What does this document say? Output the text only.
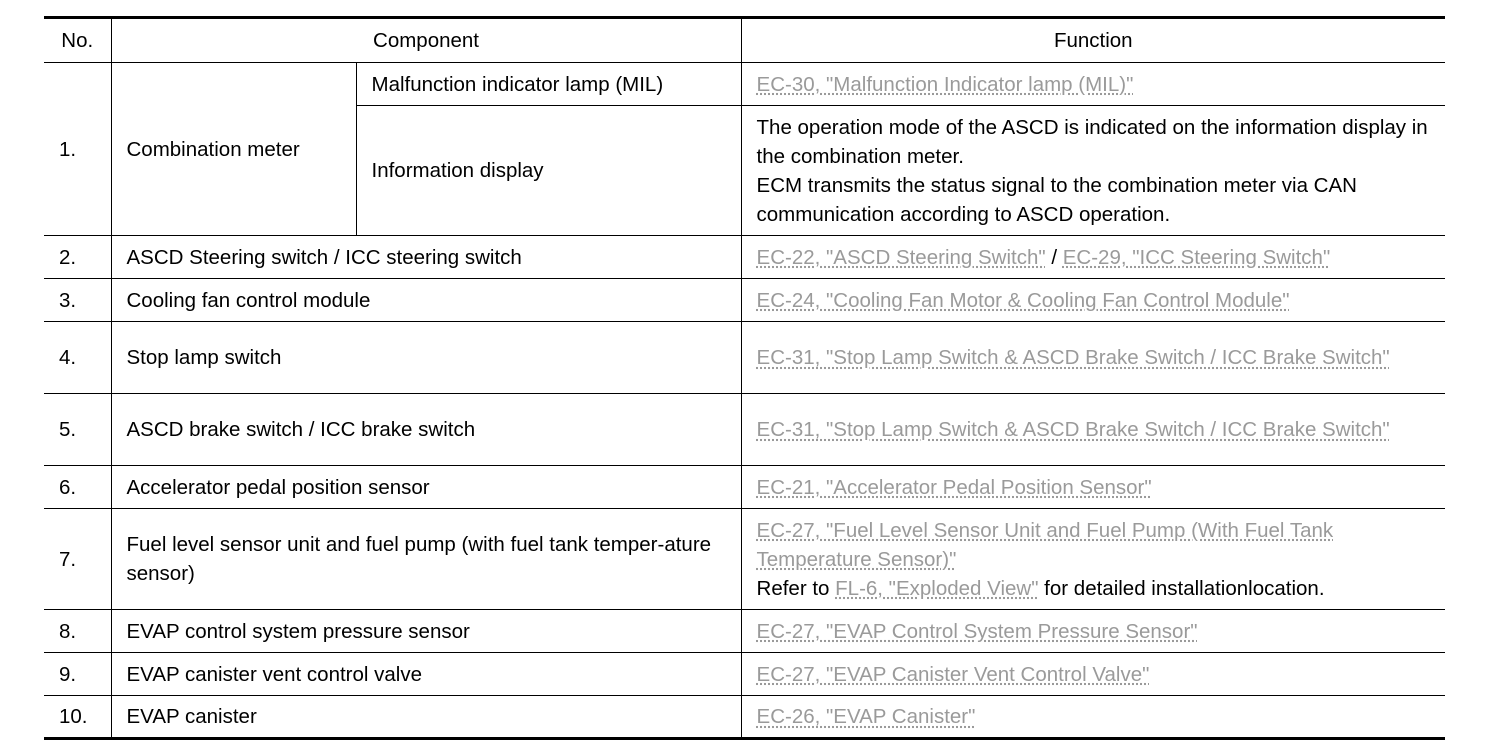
No.	Component		Function
1.	Combination meter	Malfunction indicator lamp (MIL)	EC-30, "Malfunction Indicator lamp (MIL)"
		Information display	The operation mode of the ASCD is indicated on the information display in the combination meter.
ECM transmits the status signal to the combination meter via CAN communication according to ASCD operation.

2.	ASCD Steering switch / ICC steering switch		EC-22, "ASCD Steering Switch" / EC-29, "ICC Steering Switch"
3.	Cooling fan control module		EC-24, "Cooling Fan Motor & Cooling Fan Control Module"
4.	Stop lamp switch		EC-31, "Stop Lamp Switch & ASCD Brake Switch / ICC Brake Switch"
5.	ASCD brake switch / ICC brake switch		EC-31, "Stop Lamp Switch & ASCD Brake Switch / ICC Brake Switch"
6.	Accelerator pedal position sensor		EC-21, "Accelerator Pedal Position Sensor"
7.	Fuel level sensor unit and fuel pump (with fuel tank temper-ature sensor)		EC-27, "Fuel Level Sensor Unit and Fuel Pump (With Fuel Tank Temperature Sensor)"
Refer to FL-6, "Exploded View" for detailed installationlocation.
8.	EVAP control system pressure sensor		EC-27, "EVAP Control System Pressure Sensor"
9.	EVAP canister vent control valve		EC-27, "EVAP Canister Vent Control Valve"
10.	EVAP canister		EC-26, "EVAP Canister"
